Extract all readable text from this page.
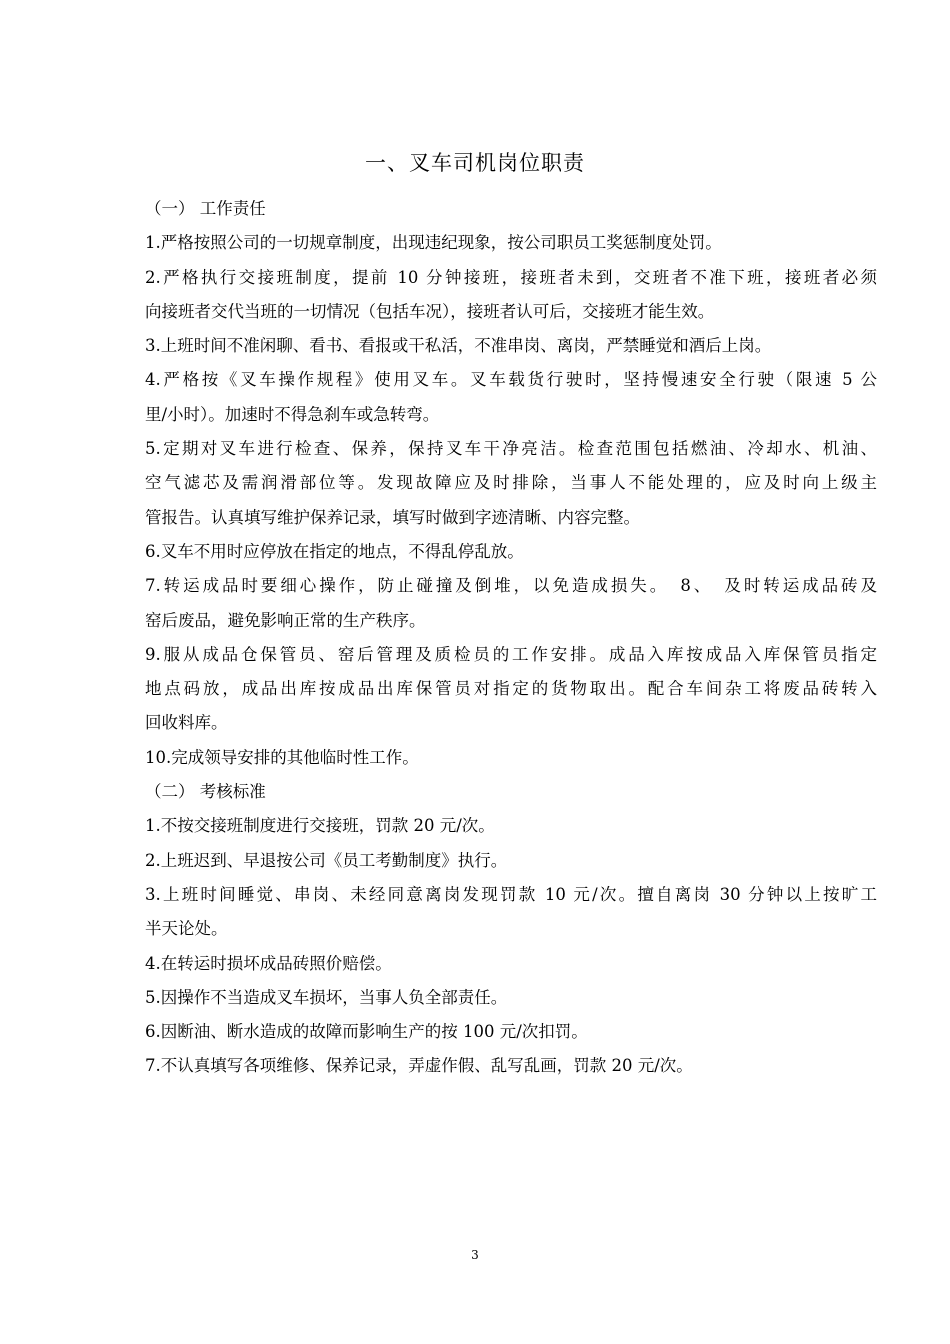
一、叉车司机岗位职责
（一） 工作责任
1.严格按照公司的一切规章制度，出现违纪现象，按公司职员工奖惩制度处罚。
2.严格执行交接班制度，提前 10 分钟接班，接班者未到，交班者不准下班，接班者必须
向接班者交代当班的一切情况（包括车况），接班者认可后，交接班才能生效。
3.上班时间不准闲聊、看书、看报或干私活，不准串岗、离岗，严禁睡觉和酒后上岗。
4.严格按《叉车操作规程》使用叉车。叉车载货行驶时，坚持慢速安全行驶（限速 5 公
里/小时）。加速时不得急刹车或急转弯。
5.定期对叉车进行检查、保养，保持叉车干净亮洁。检查范围包括燃油、冷却水、机油、
空气滤芯及需润滑部位等。发现故障应及时排除，当事人不能处理的，应及时向上级主
管报告。认真填写维护保养记录，填写时做到字迹清晰、内容完整。
6.叉车不用时应停放在指定的地点，不得乱停乱放。
7.转运成品时要细心操作，防止碰撞及倒堆，以免造成损失。　8、　及时转运成品砖及
窑后废品，避免影响正常的生产秩序。
9.服从成品仓保管员、窑后管理及质检员的工作安排。成品入库按成品入库保管员指定
地点码放，成品出库按成品出库保管员对指定的货物取出。配合车间杂工将废品砖转入
回收料库。
10.完成领导安排的其他临时性工作。
（二） 考核标准
1.不按交接班制度进行交接班，罚款 20 元/次。
2.上班迟到、早退按公司《员工考勤制度》执行。
3.上班时间睡觉、串岗、未经同意离岗发现罚款 10 元/次。擅自离岗 30 分钟以上按旷工
半天论处。
4.在转运时损坏成品砖照价赔偿。
5.因操作不当造成叉车损坏，当事人负全部责任。
6.因断油、断水造成的故障而影响生产的按 100 元/次扣罚。
7.不认真填写各项维修、保养记录，弄虚作假、乱写乱画，罚款 20 元/次。
3
